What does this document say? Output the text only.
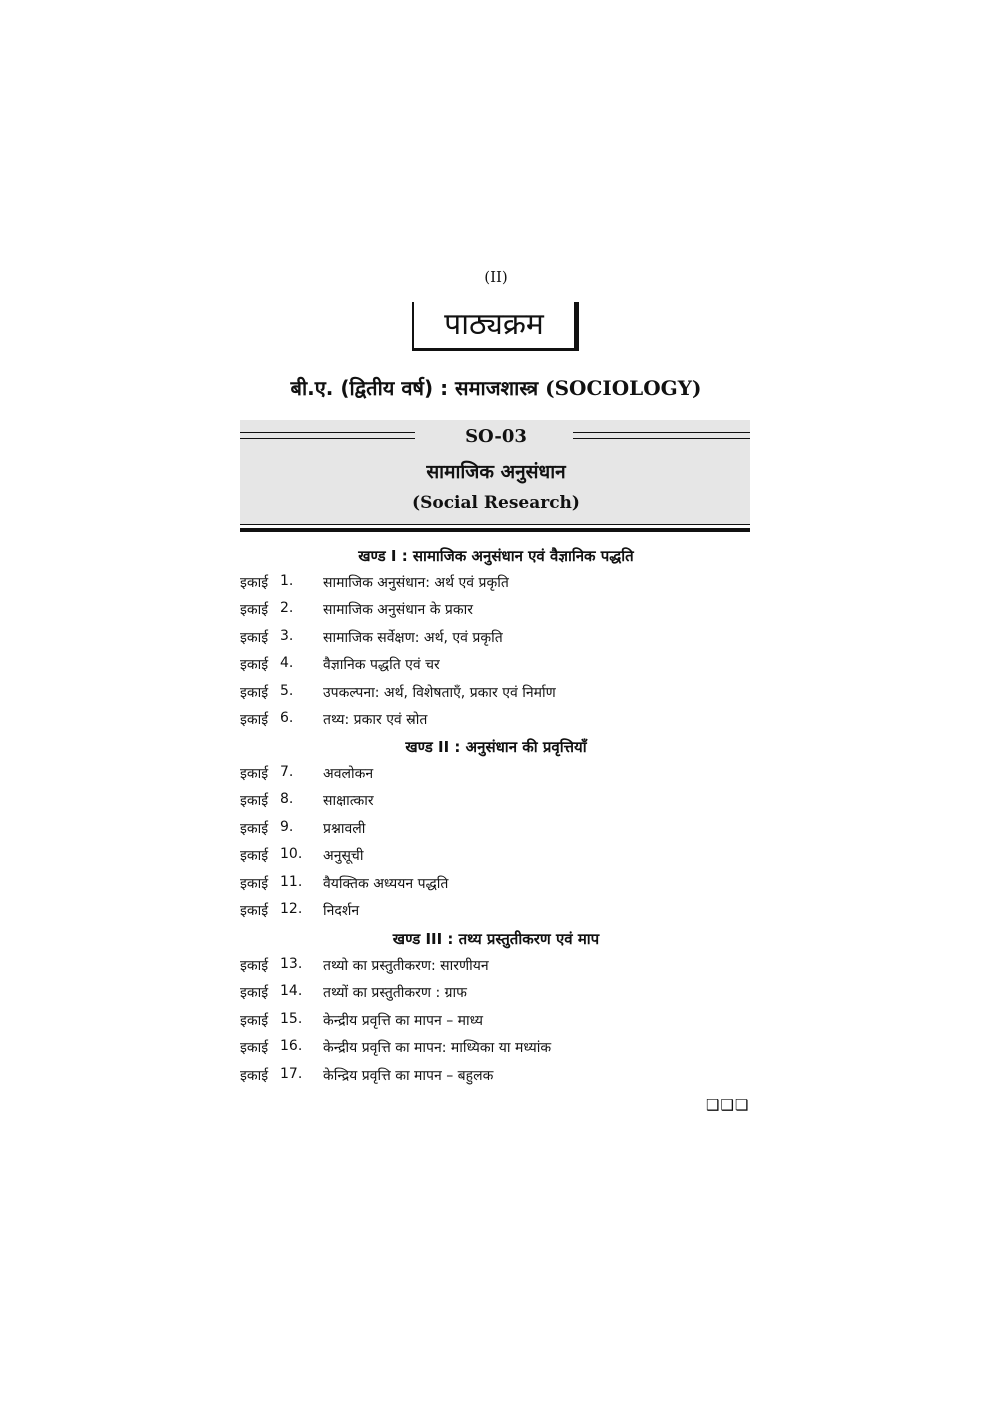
(II)
पाठ्यक्रम
बी.ए. (द्वितीय वर्ष) : समाजशास्त्र (SOCIOLOGY)
SO-03
सामाजिक अनुसंधान
(Social Research)
खण्ड I : सामाजिक अनुसंधान एवं वैज्ञानिक पद्धति
इकाई 1. सामाजिक अनुसंधान: अर्थ एवं प्रकृति
इकाई 2. सामाजिक अनुसंधान के प्रकार
इकाई 3. सामाजिक सर्वेक्षण: अर्थ, एवं प्रकृति
इकाई 4. वैज्ञानिक पद्धति एवं चर
इकाई 5. उपकल्पना: अर्थ, विशेषताएँ, प्रकार एवं निर्माण
इकाई 6. तथ्य: प्रकार एवं स्रोत
खण्ड II : अनुसंधान की प्रवृत्तियाँ
इकाई 7. अवलोकन
इकाई 8. साक्षात्कार
इकाई 9. प्रश्नावली
इकाई 10. अनुसूची
इकाई 11. वैयक्तिक अध्ययन पद्धति
इकाई 12. निदर्शन
खण्ड III : तथ्य प्रस्तुतीकरण एवं माप
इकाई 13. तथ्यो का प्रस्तुतीकरण: सारणीयन
इकाई 14. तथ्यों का प्रस्तुतीकरण : ग्राफ
इकाई 15. केन्द्रीय प्रवृत्ति का मापन – माध्य
इकाई 16. केन्द्रीय प्रवृत्ति का मापन: माध्यिका या मध्यांक
इकाई 17. केन्द्रिय प्रवृत्ति का मापन – बहुलक
❑❑❏
